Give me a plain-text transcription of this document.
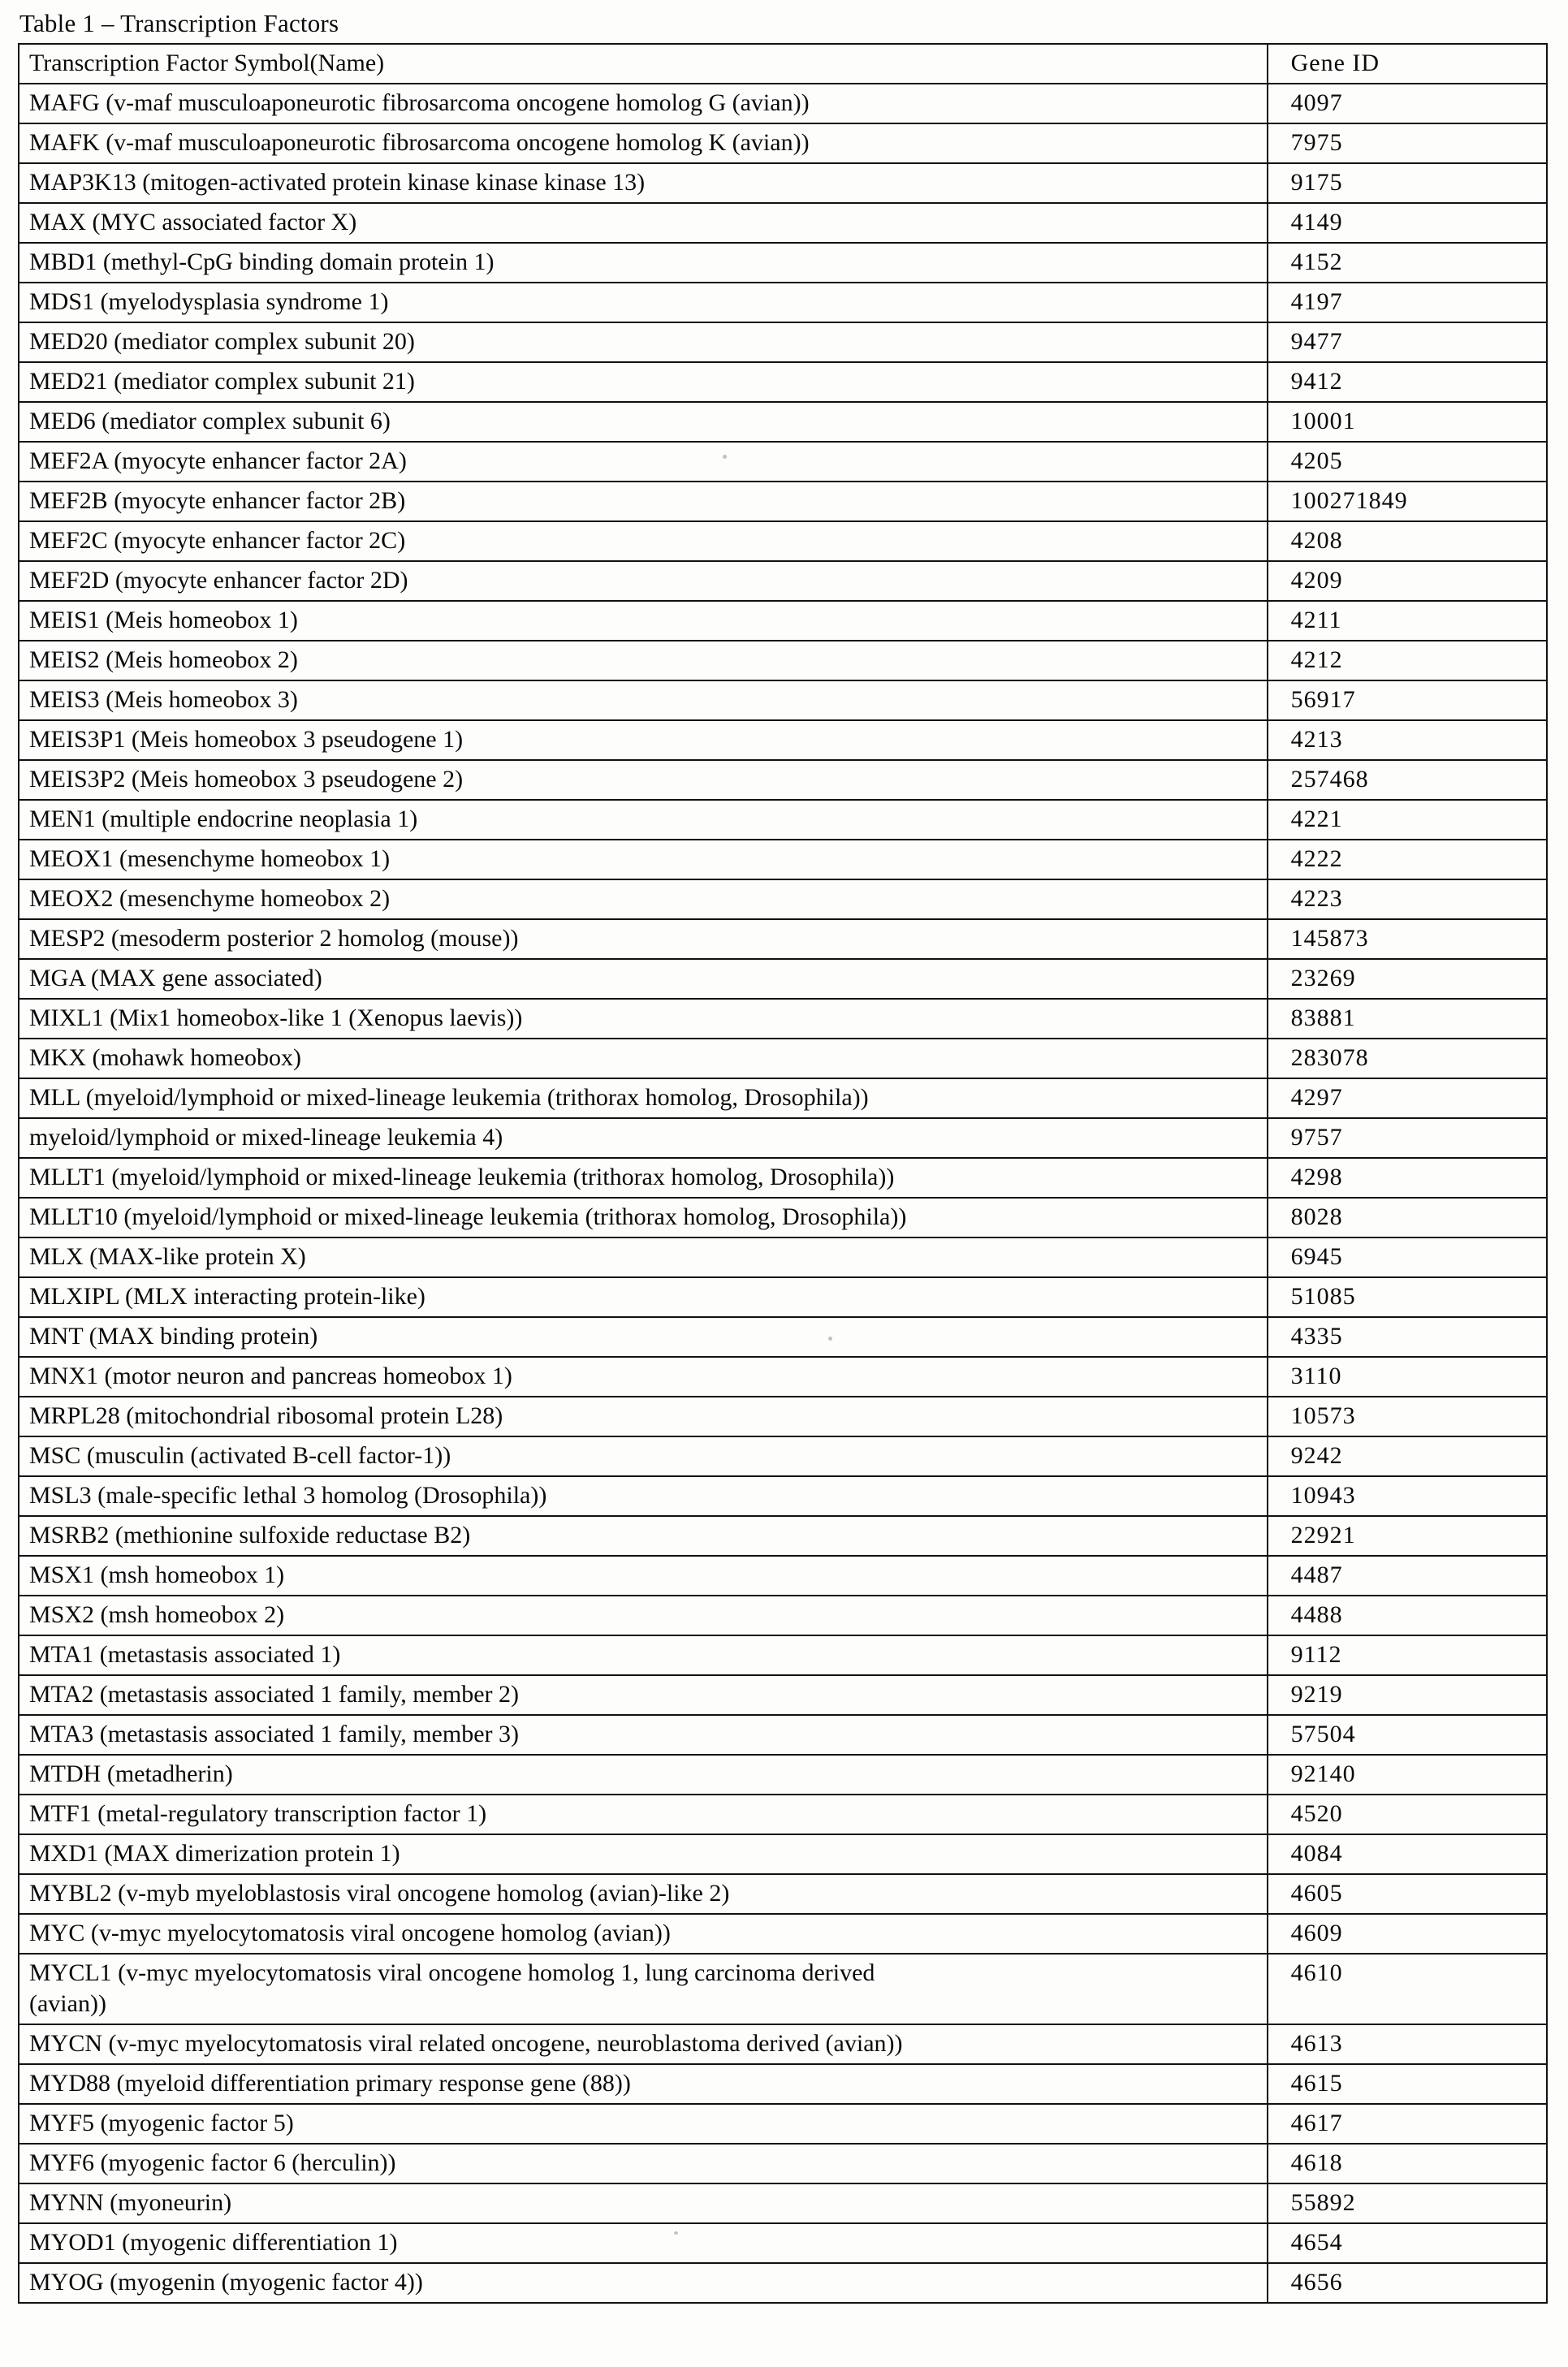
Table 1 – Transcription Factors
Transcription Factor Symbol(Name)	Gene ID
MAFG (v-maf musculoaponeurotic fibrosarcoma oncogene homolog G (avian))	4097
MAFK (v-maf musculoaponeurotic fibrosarcoma oncogene homolog K (avian))	7975
MAP3K13 (mitogen-activated protein kinase kinase kinase 13)	9175
MAX (MYC associated factor X)	4149
MBD1 (methyl-CpG binding domain protein 1)	4152
MDS1 (myelodysplasia syndrome 1)	4197
MED20 (mediator complex subunit 20)	9477
MED21 (mediator complex subunit 21)	9412
MED6 (mediator complex subunit 6)	10001
MEF2A (myocyte enhancer factor 2A)	4205
MEF2B (myocyte enhancer factor 2B)	100271849
MEF2C (myocyte enhancer factor 2C)	4208
MEF2D (myocyte enhancer factor 2D)	4209
MEIS1 (Meis homeobox 1)	4211
MEIS2 (Meis homeobox 2)	4212
MEIS3 (Meis homeobox 3)	56917
MEIS3P1 (Meis homeobox 3 pseudogene 1)	4213
MEIS3P2 (Meis homeobox 3 pseudogene 2)	257468
MEN1 (multiple endocrine neoplasia 1)	4221
MEOX1 (mesenchyme homeobox 1)	4222
MEOX2 (mesenchyme homeobox 2)	4223
MESP2 (mesoderm posterior 2 homolog (mouse))	145873
MGA (MAX gene associated)	23269
MIXL1 (Mix1 homeobox-like 1 (Xenopus laevis))	83881
MKX (mohawk homeobox)	283078
MLL (myeloid/lymphoid or mixed-lineage leukemia (trithorax homolog, Drosophila))	4297
myeloid/lymphoid or mixed-lineage leukemia 4)	9757
MLLT1 (myeloid/lymphoid or mixed-lineage leukemia (trithorax homolog, Drosophila))	4298
MLLT10 (myeloid/lymphoid or mixed-lineage leukemia (trithorax homolog, Drosophila))	8028
MLX (MAX-like protein X)	6945
MLXIPL (MLX interacting protein-like)	51085
MNT (MAX binding protein)	4335
MNX1 (motor neuron and pancreas homeobox 1)	3110
MRPL28 (mitochondrial ribosomal protein L28)	10573
MSC (musculin (activated B-cell factor-1))	9242
MSL3 (male-specific lethal 3 homolog (Drosophila))	10943
MSRB2 (methionine sulfoxide reductase B2)	22921
MSX1 (msh homeobox 1)	4487
MSX2 (msh homeobox 2)	4488
MTA1 (metastasis associated 1)	9112
MTA2 (metastasis associated 1 family, member 2)	9219
MTA3 (metastasis associated 1 family, member 3)	57504
MTDH (metadherin)	92140
MTF1 (metal-regulatory transcription factor 1)	4520
MXD1 (MAX dimerization protein 1)	4084
MYBL2 (v-myb myeloblastosis viral oncogene homolog (avian)-like 2)	4605
MYC (v-myc myelocytomatosis viral oncogene homolog (avian))	4609
MYCL1 (v-myc myelocytomatosis viral oncogene homolog 1, lung carcinoma derived
(avian))	4610
MYCN (v-myc myelocytomatosis viral related oncogene, neuroblastoma derived (avian))	4613
MYD88 (myeloid differentiation primary response gene (88))	4615
MYF5 (myogenic factor 5)	4617
MYF6 (myogenic factor 6 (herculin))	4618
MYNN (myoneurin)	55892
MYOD1 (myogenic differentiation 1)	4654
MYOG (myogenin (myogenic factor 4))	4656
